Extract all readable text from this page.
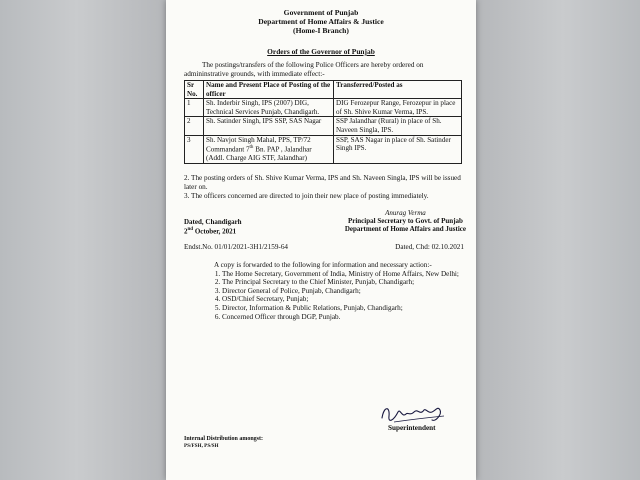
Government of Punjab
Department of Home Affairs & Justice
(Home-I Branch)
Orders of the Governor of Punjab
The postings/transfers of the following Police Officers are hereby ordered on admininstrative grounds, with immediate effect:-
Sr No.	Name and Present Place of Posting of the officer	Transferred/Posted as
1	Sh. Inderbir Singh, IPS (2007) DIG, Technical Services Punjab, Chandigarh.	DIG Ferozepur Range, Ferozepur in place of Sh. Shive Kumar Verma, IPS.
2	Sh. Satinder Singh, IPS SSP, SAS Nagar	SSP Jalandhar (Rural) in place of Sh. Naveen Singla, IPS.
3	Sh. Navjot Singh Mahal, PPS, TP/72 Commandant 7th Bn. PAP , Jalandhar (Addl. Charge AIG STF, Jalandhar)	SSP, SAS Nagar in place of Sh. Satinder Singh IPS.
2. The posting orders of Sh. Shive Kumar Verma, IPS and Sh. Naveen Singla, IPS will be issued later on.
3. The officers concerned are directed to join their new place of posting immediately.
Dated, Chandigarh
2nd October, 2021
Anurag Verma
Principal Secretary to Govt. of Punjab
Department of Home Affairs and Justice
Endst.No. 01/01/2021-3H1/2159-64	Dated, Chd: 02.10.2021
A copy is forwarded to the following for information and necessary action:-
1. The Home Secretary, Government of India, Ministry of Home Affairs, New Delhi;
2. The Principal Secretary to the Chief Minister, Punjab, Chandigarh;
3. Director General of Police, Punjab, Chandigarh;
4. OSD/Chief Secretary, Punjab;
5. Director, Information & Public Relations, Punjab, Chandigarh;
6. Concerned Officer through DGP, Punjab.
Superintendent
Internal Distribution amongst:
PS/FSH, PS/SH
